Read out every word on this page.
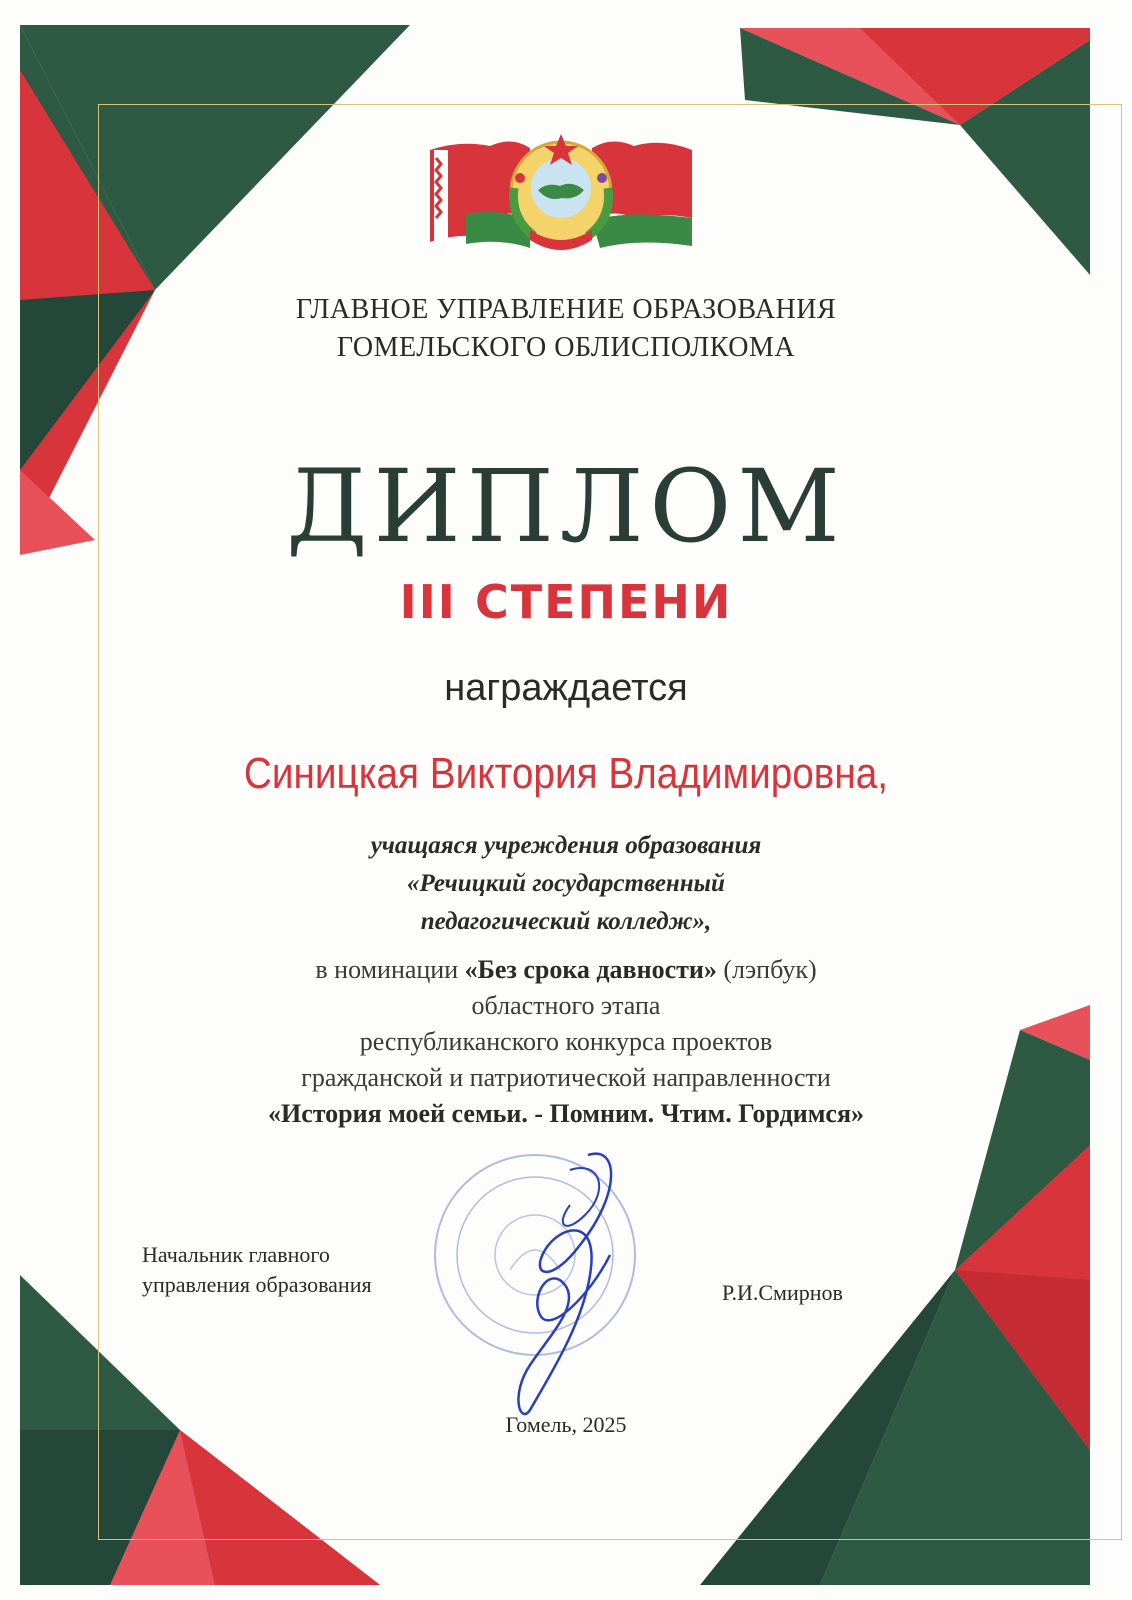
ГЛАВНОЕ УПРАВЛЕНИЕ ОБРАЗОВАНИЯ

ГОМЕЛЬСКОГО ОБЛИСПОЛКОМА

ДИПЛОМ

III СТЕПЕНИ

награждается

Синицкая Виктория Владимировна,

учащаяся учреждения образования

«Речицкий государственный

педагогический колледж»,

в номинации «Без срока давности» (лэпбук)

областного этапа

республиканского конкурса проектов

гражданской и патриотической направленности

«История моей семьи. - Помним. Чтим. Гордимся»

Начальник главного
управления образования	Р.И.Смирнов
Гомель, 2025
